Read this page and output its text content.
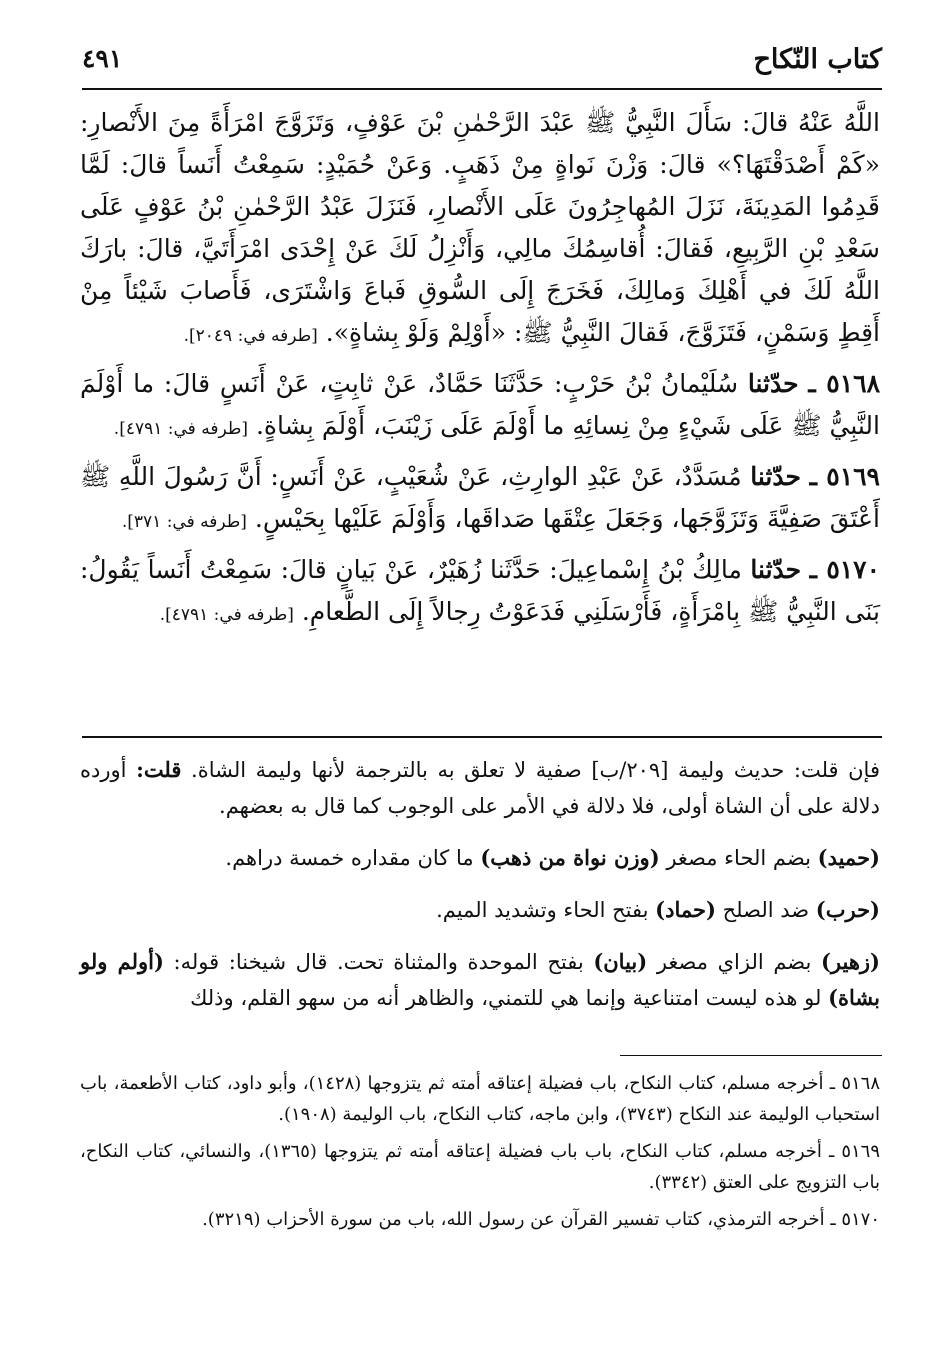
كتاب النّكاح
٤٩١

اللَّهُ عَنْهُ قالَ: سَأَلَ النَّبِيُّ ﷺ عَبْدَ الرَّحْمٰنِ بْنَ عَوْفٍ، وَتَزَوَّجَ امْرَأَةً مِنَ الأَنْصارِ: «كَمْ أَصْدَقْتَهَا؟» قالَ: وَزْنَ نَواةٍ مِنْ ذَهَبٍ. وَعَنْ حُمَيْدٍ: سَمِعْتُ أَنَساً قالَ: لَمَّا قَدِمُوا المَدِينَةَ، نَزَلَ المُهاجِرُونَ عَلَى الأَنْصارِ، فَنَزَلَ عَبْدُ الرَّحْمٰنِ بْنُ عَوْفٍ عَلَى سَعْدِ بْنِ الرَّبِيعِ، فَقالَ: أُقاسِمُكَ مالِي، وَأَنْزِلُ لَكَ عَنْ إِحْدَى امْرَأَتَيَّ، قالَ: بارَكَ اللَّهُ لَكَ في أَهْلِكَ وَمالِكَ، فَخَرَجَ إِلَى السُّوقِ فَباعَ وَاشْتَرَى، فَأَصابَ شَيْئاً مِنْ أَقِطٍ وَسَمْنٍ، فَتَزَوَّجَ، فَقالَ النَّبِيُّ ﷺ: «أَوْلِمْ وَلَوْ بِشاةٍ». [طرفه في: ٢٠٤٩].

٥١٦٨ ـ حدّثنا سُلَيْمانُ بْنُ حَرْبٍ: حَدَّثَنَا حَمَّادٌ، عَنْ ثابِتٍ، عَنْ أَنَسٍ قالَ: ما أَوْلَمَ النَّبِيُّ ﷺ عَلَى شَيْءٍ مِنْ نِسائِهِ ما أَوْلَمَ عَلَى زَيْنَبَ، أَوْلَمَ بِشاةٍ. [طرفه في: ٤٧٩١].

٥١٦٩ ـ حدّثنا مُسَدَّدٌ، عَنْ عَبْدِ الوارِثِ، عَنْ شُعَيْبٍ، عَنْ أَنَسٍ: أَنَّ رَسُولَ اللَّهِ ﷺ أَعْتَقَ صَفِيَّةَ وَتَزَوَّجَها، وَجَعَلَ عِتْقَها صَداقَها، وَأَوْلَمَ عَلَيْها بِحَيْسٍ. [طرفه في: ٣٧١].

٥١٧٠ ـ حدّثنا مالِكُ بْنُ إِسْماعِيلَ: حَدَّثَنا زُهَيْرٌ، عَنْ بَيانٍ قالَ: سَمِعْتُ أَنَساً يَقُولُ: بَنَى النَّبِيُّ ﷺ بِامْرَأَةٍ، فَأَرْسَلَنِي فَدَعَوْتُ رِجالاً إِلَى الطَّعامِ. [طرفه في: ٤٧٩١].

فإن قلت: حديث وليمة [٢٠٩/ب] صفية لا تعلق به بالترجمة لأنها وليمة الشاة. قلت: أورده دلالة على أن الشاة أولى، فلا دلالة في الأمر على الوجوب كما قال به بعضهم.

(حميد) بضم الحاء مصغر (وزن نواة من ذهب) ما كان مقداره خمسة دراهم.

(حرب) ضد الصلح (حماد) بفتح الحاء وتشديد الميم.

(زهير) بضم الزاي مصغر (بيان) بفتح الموحدة والمثناة تحت. قال شيخنا: قوله: (أولم ولو بشاة) لو هذه ليست امتناعية وإنما هي للتمني، والظاهر أنه من سهو القلم، وذلك

٥١٦٨ ـ أخرجه مسلم، كتاب النكاح، باب فضيلة إعتاقه أمته ثم يتزوجها (١٤٢٨)، وأبو داود، كتاب الأطعمة، باب استحباب الوليمة عند النكاح (٣٧٤٣)، وابن ماجه، كتاب النكاح، باب الوليمة (١٩٠٨).

٥١٦٩ ـ أخرجه مسلم، كتاب النكاح، باب باب فضيلة إعتاقه أمته ثم يتزوجها (١٣٦٥)، والنسائي، كتاب النكاح، باب التزويج على العتق (٣٣٤٢).

٥١٧٠ ـ أخرجه الترمذي، كتاب تفسير القرآن عن رسول الله، باب من سورة الأحزاب (٣٢١٩).
